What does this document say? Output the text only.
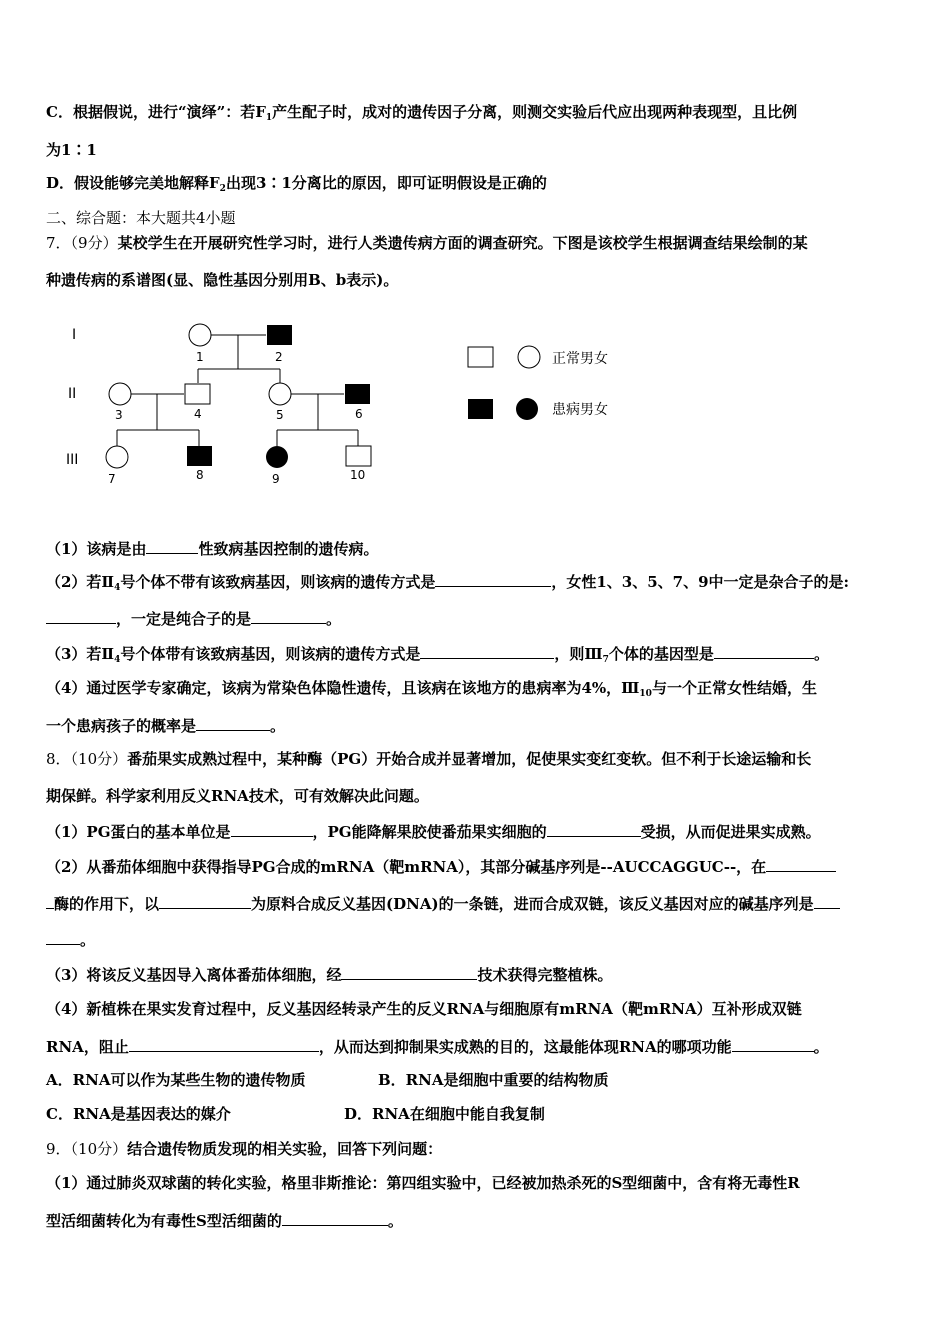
C．根据假说，进行“演绎”：若$F_1$产生配子时，成对的遗传因子分离，则测交实验后代应出现两种表现型，且比例
为1∶1
D．假设能够完美地解释$F_2$出现3∶1分离比的原因，即可证明假设是正确的
二、综合题：本大题共4小题
7．（9分）某校学生在开展研究性学习时，进行人类遗传病方面的调查研究。下图是该校学生根据调查结果绘制的某
种遗传病的系谱图(显、隐性基因分别用B、b表示)。
I
II
III
1	2
3	4	5	6
7	8	9	10
正常男女
患病男女
（1）该病是由	性致病基因控制的遗传病。
（2）若$Ⅱ_4$号个体不带有该致病基因，则该病的遗传方式是	，女性1、3、5、7、9中一定是杂合子的是:
，一定是纯合子的是	。
（3）若$Ⅱ_4$号个体带有该致病基因，则该病的遗传方式是	，则$Ⅲ_7$个体的基因型是	。
（4）通过医学专家确定，该病为常染色体隐性遗传，且该病在该地方的患病率为4%，$Ⅲ_{10}$与一个正常女性结婚，生
一个患病孩子的概率是	。
8．（10分）番茄果实成熟过程中，某种酶（PG）开始合成并显著增加，促使果实变红变软。但不利于长途运输和长
期保鲜。科学家利用反义RNA技术，可有效解决此问题。
（1）PG蛋白的基本单位是	，PG能降解果胶使番茄果实细胞的	受损，从而促进果实成熟。
（2）从番茄体细胞中获得指导PG合成的mRNA（靶mRNA），其部分碱基序列是--AUCCAGGUC--，在
酶的作用下，以	为原料合成反义基因(DNA)的一条链，进而合成双链，该反义基因对应的碱基序列是
。
（3）将该反义基因导入离体番茄体细胞，经	技术获得完整植株。
（4）新植株在果实发育过程中，反义基因经转录产生的反义RNA与细胞原有mRNA（靶mRNA）互补形成双链
RNA，阻止	，从而达到抑制果实成熟的目的，这最能体现RNA的哪项功能	。
A．RNA可以作为某些生物的遗传物质	B．RNA是细胞中重要的结构物质
C．RNA是基因表达的媒介	D．RNA在细胞中能自我复制
9．（10分）结合遗传物质发现的相关实验，回答下列问题：
（1）通过肺炎双球菌的转化实验，格里非斯推论：第四组实验中，已经被加热杀死的S型细菌中，含有将无毒性R
型活细菌转化为有毒性S型活细菌的	。
